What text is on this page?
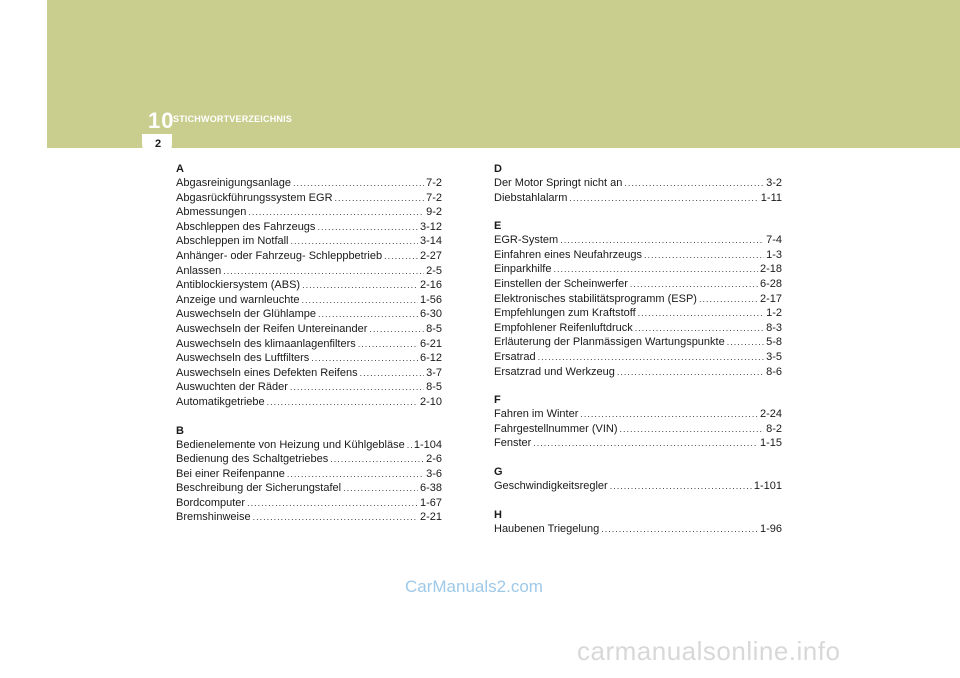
10
STICHWORTVERZEICHNIS
2
A
Abgasreinigungsanlage .....	7-2
Abgasrückführungssystem EGR .....	7-2
Abmessungen .....	9-2
Abschleppen des Fahrzeugs .....	3-12
Abschleppen im Notfall .....	3-14
Anhänger- oder Fahrzeug- Schleppbetrieb .....	2-27
Anlassen .....	2-5
Antiblockiersystem (ABS) .....	2-16
Anzeige und warnleuchte .....	1-56
Auswechseln der Glühlampe .....	6-30
Auswechseln der Reifen Untereinander .....	8-5
Auswechseln des klimaanlagenfilters .....	6-21
Auswechseln des Luftfilters .....	6-12
Auswechseln eines Defekten Reifens .....	3-7
Auswuchten der Räder .....	8-5
Automatikgetriebe .....	2-10
B
Bedienelemente von Heizung und Kühlgebläse ..... 1-104
Bedienung des Schaltgetriebes .....	2-6
Bei einer Reifenpanne .....	3-6
Beschreibung der Sicherungstafel .....	6-38
Bordcomputer .....	1-67
Bremshinweise .....	2-21
D
Der Motor Springt nicht an .....	3-2
Diebstahlalarm .....	1-11
E
EGR-System .....	7-4
Einfahren eines Neufahrzeugs .....	1-3
Einparkhilfe .....	2-18
Einstellen der Scheinwerfer .....	6-28
Elektronisches stabilitätsprogramm (ESP) .....	2-17
Empfehlungen zum Kraftstoff .....	1-2
Empfohlener Reifenluftdruck .....	8-3
Erläuterung der Planmässigen Wartungspunkte .....	5-8
Ersatrad .....	3-5
Ersatzrad und Werkzeug .....	8-6
F
Fahren im Winter .....	2-24
Fahrgestellnummer (VIN) .....	8-2
Fenster .....	1-15
G
Geschwindigkeitsregler .....	1-101
H
Haubenen Triegelung .....	1-96
CarManuals2.com
carmanualsonline.info
